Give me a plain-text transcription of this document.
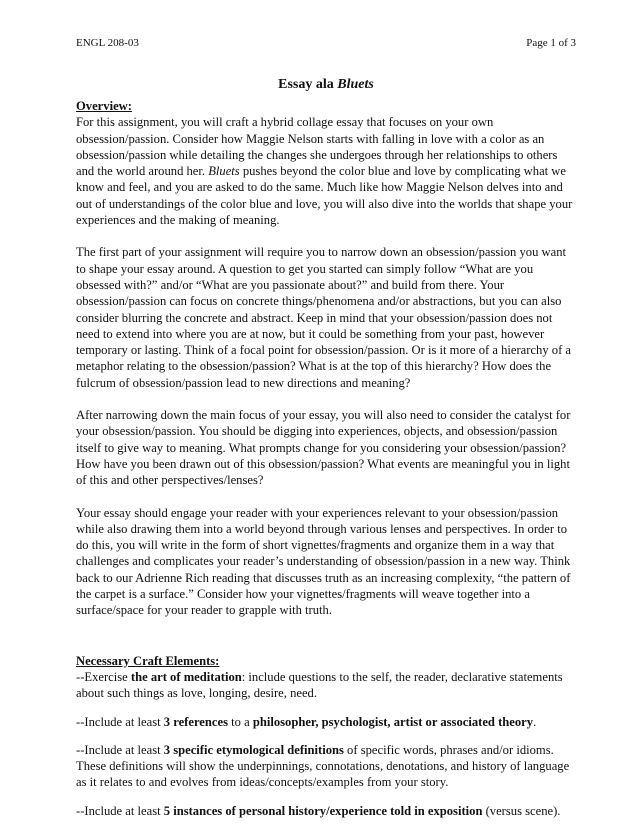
ENGL 208-03	Page 1 of 3
Essay ala Bluets
Overview:

For this assignment, you will craft a hybrid collage essay that focuses on your own obsession/passion. Consider how Maggie Nelson starts with falling in love with a color as an obsession/passion while detailing the changes she undergoes through her relationships to others and the world around her. Bluets pushes beyond the color blue and love by complicating what we know and feel, and you are asked to do the same. Much like how Maggie Nelson delves into and out of understandings of the color blue and love, you will also dive into the worlds that shape your experiences and the making of meaning.

The first part of your assignment will require you to narrow down an obsession/passion you want to shape your essay around. A question to get you started can simply follow “What are you obsessed with?” and/or “What are you passionate about?” and build from there. Your obsession/passion can focus on concrete things/phenomena and/or abstractions, but you can also consider blurring the concrete and abstract. Keep in mind that your obsession/passion does not need to extend into where you are at now, but it could be something from your past, however temporary or lasting. Think of a focal point for obsession/passion. Or is it more of a hierarchy of a metaphor relating to the obsession/passion? What is at the top of this hierarchy? How does the fulcrum of obsession/passion lead to new directions and meaning?

After narrowing down the main focus of your essay, you will also need to consider the catalyst for your obsession/passion. You should be digging into experiences, objects, and obsession/passion itself to give way to meaning. What prompts change for you considering your obsession/passion? How have you been drawn out of this obsession/passion? What events are meaningful you in light of this and other perspectives/lenses?

Your essay should engage your reader with your experiences relevant to your obsession/passion while also drawing them into a world beyond through various lenses and perspectives. In order to do this, you will write in the form of short vignettes/fragments and organize them in a way that challenges and complicates your reader’s understanding of obsession/passion in a new way. Think back to our Adrienne Rich reading that discusses truth as an increasing complexity, “the pattern of the carpet is a surface.” Consider how your vignettes/fragments will weave together into a surface/space for your reader to grapple with truth.

Necessary Craft Elements:

--Exercise the art of meditation: include questions to the self, the reader, declarative statements about such things as love, longing, desire, need.

--Include at least 3 references to a philosopher, psychologist, artist or associated theory.

--Include at least 3 specific etymological definitions of specific words, phrases and/or idioms. These definitions will show the underpinnings, connotations, denotations, and history of language as it relates to and evolves from ideas/concepts/examples from your story.

--Include at least 5 instances of personal history/experience told in exposition (versus scene).
